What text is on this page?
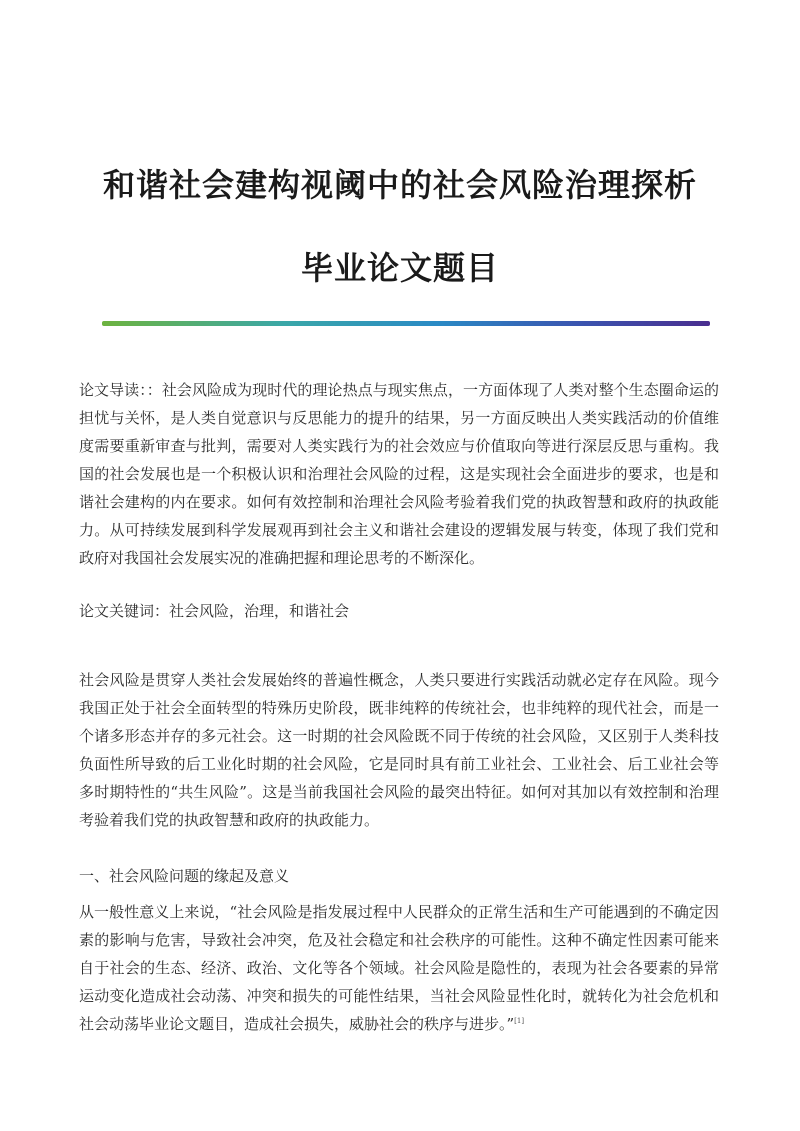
和谐社会建构视阈中的社会风险治理探析
毕业论文题目

论文导读：：社会风险成为现时代的理论热点与现实焦点，一方面体现了人类对整个生态圈命运的担忧与关怀，是人类自觉意识与反思能力的提升的结果，另一方面反映出人类实践活动的价值维度需要重新审查与批判，需要对人类实践行为的社会效应与价值取向等进行深层反思与重构。我国的社会发展也是一个积极认识和治理社会风险的过程，这是实现社会全面进步的要求，也是和谐社会建构的内在要求。如何有效控制和治理社会风险考验着我们党的执政智慧和政府的执政能力。从可持续发展到科学发展观再到社会主义和谐社会建设的逻辑发展与转变，体现了我们党和政府对我国社会发展实况的准确把握和理论思考的不断深化。

论文关键词：社会风险，治理，和谐社会

社会风险是贯穿人类社会发展始终的普遍性概念，人类只要进行实践活动就必定存在风险。现今我国正处于社会全面转型的特殊历史阶段，既非纯粹的传统社会，也非纯粹的现代社会，而是一个诸多形态并存的多元社会。这一时期的社会风险既不同于传统的社会风险，又区别于人类科技负面性所导致的后工业化时期的社会风险，它是同时具有前工业社会、工业社会、后工业社会等多时期特性的“共生风险”。这是当前我国社会风险的最突出特征。如何对其加以有效控制和治理考验着我们党的执政智慧和政府的执政能力。

一、社会风险问题的缘起及意义

从一般性意义上来说，“社会风险是指发展过程中人民群众的正常生活和生产可能遇到的不确定因素的影响与危害，导致社会冲突，危及社会稳定和社会秩序的可能性。这种不确定性因素可能来自于社会的生态、经济、政治、文化等各个领域。社会风险是隐性的，表现为社会各要素的异常运动变化造成社会动荡、冲突和损失的可能性结果，当社会风险显性化时，就转化为社会危机和社会动荡毕业论文题目，造成社会损失，威胁社会的秩序与进步。”[1]
